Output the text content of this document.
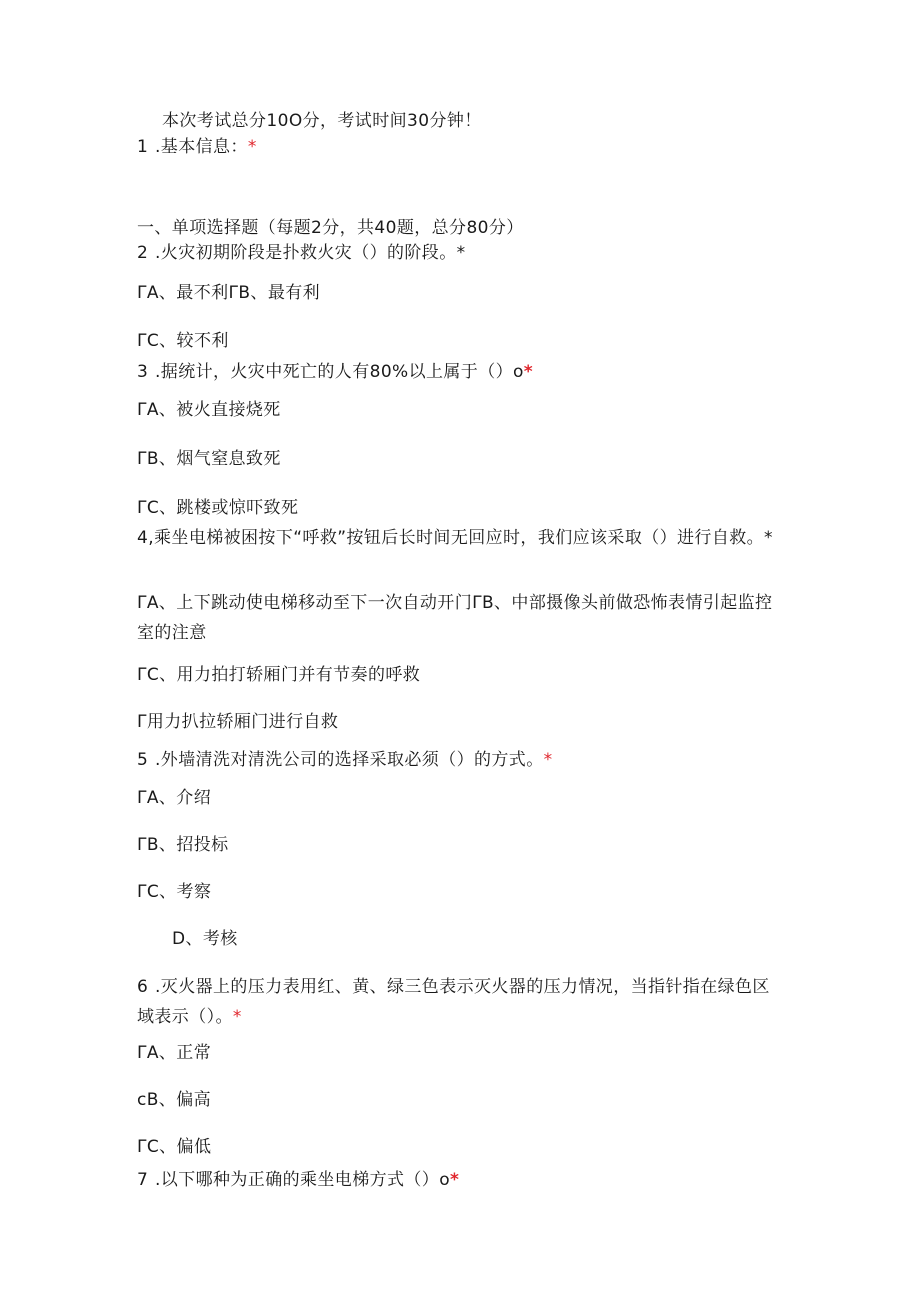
本次考试总分10O分，考试时间30分钟！
1 .基本信息：*
一、单项选择题（每题2分，共40题，总分80分）
2 .火灾初期阶段是扑救火灾（）的阶段。*
ΓA、最不利ΓB、最有利
ΓC、较不利
3 .据统计，火灾中死亡的人有80%以上属于（）o*
ΓA、被火直接烧死
ΓB、烟气窒息致死
ΓC、跳楼或惊吓致死
4,乘坐电梯被困按下“呼救”按钮后长时间无回应时，我们应该采取（）进行自救。*
ΓA、上下跳动使电梯移动至下一次自动开门ΓB、中部摄像头前做恐怖表情引起监控室的注意
ΓC、用力拍打轿厢门并有节奏的呼救
Γ用力扒拉轿厢门进行自救
5 .外墙清洗对清洗公司的选择采取必须（）的方式。*
ΓA、介绍
ΓB、招投标
ΓC、考察
D、考核
6 .灭火器上的压力表用红、黄、绿三色表示灭火器的压力情况，当指针指在绿色区域表示（）。*
ΓA、正常
cB、偏高
ΓC、偏低
7 .以下哪种为正确的乘坐电梯方式（）o*
